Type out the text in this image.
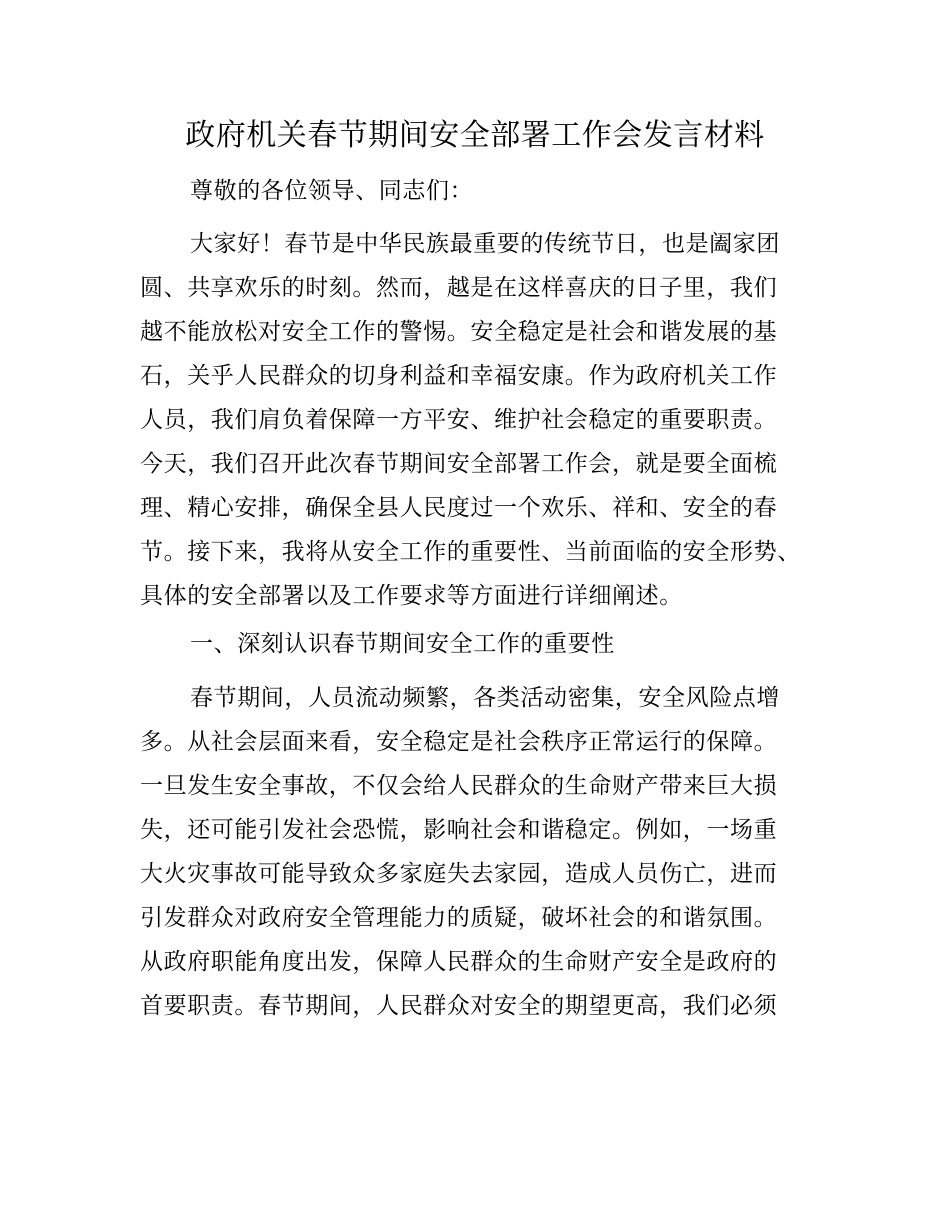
政府机关春节期间安全部署工作会发言材料

尊敬的各位领导、同志们：

大家好！春节是中华民族最重要的传统节日，也是阖家团

圆、共享欢乐的时刻。然而，越是在这样喜庆的日子里，我们

越不能放松对安全工作的警惕。安全稳定是社会和谐发展的基

石，关乎人民群众的切身利益和幸福安康。作为政府机关工作

人员，我们肩负着保障一方平安、维护社会稳定的重要职责。

今天，我们召开此次春节期间安全部署工作会，就是要全面梳

理、精心安排，确保全县人民度过一个欢乐、祥和、安全的春

节。接下来，我将从安全工作的重要性、当前面临的安全形势、

具体的安全部署以及工作要求等方面进行详细阐述。

一、深刻认识春节期间安全工作的重要性

春节期间，人员流动频繁，各类活动密集，安全风险点增

多。从社会层面来看，安全稳定是社会秩序正常运行的保障。

一旦发生安全事故，不仅会给人民群众的生命财产带来巨大损

失，还可能引发社会恐慌，影响社会和谐稳定。例如，一场重

大火灾事故可能导致众多家庭失去家园，造成人员伤亡，进而

引发群众对政府安全管理能力的质疑，破坏社会的和谐氛围。

从政府职能角度出发，保障人民群众的生命财产安全是政府的

首要职责。春节期间，人民群众对安全的期望更高，我们必须
